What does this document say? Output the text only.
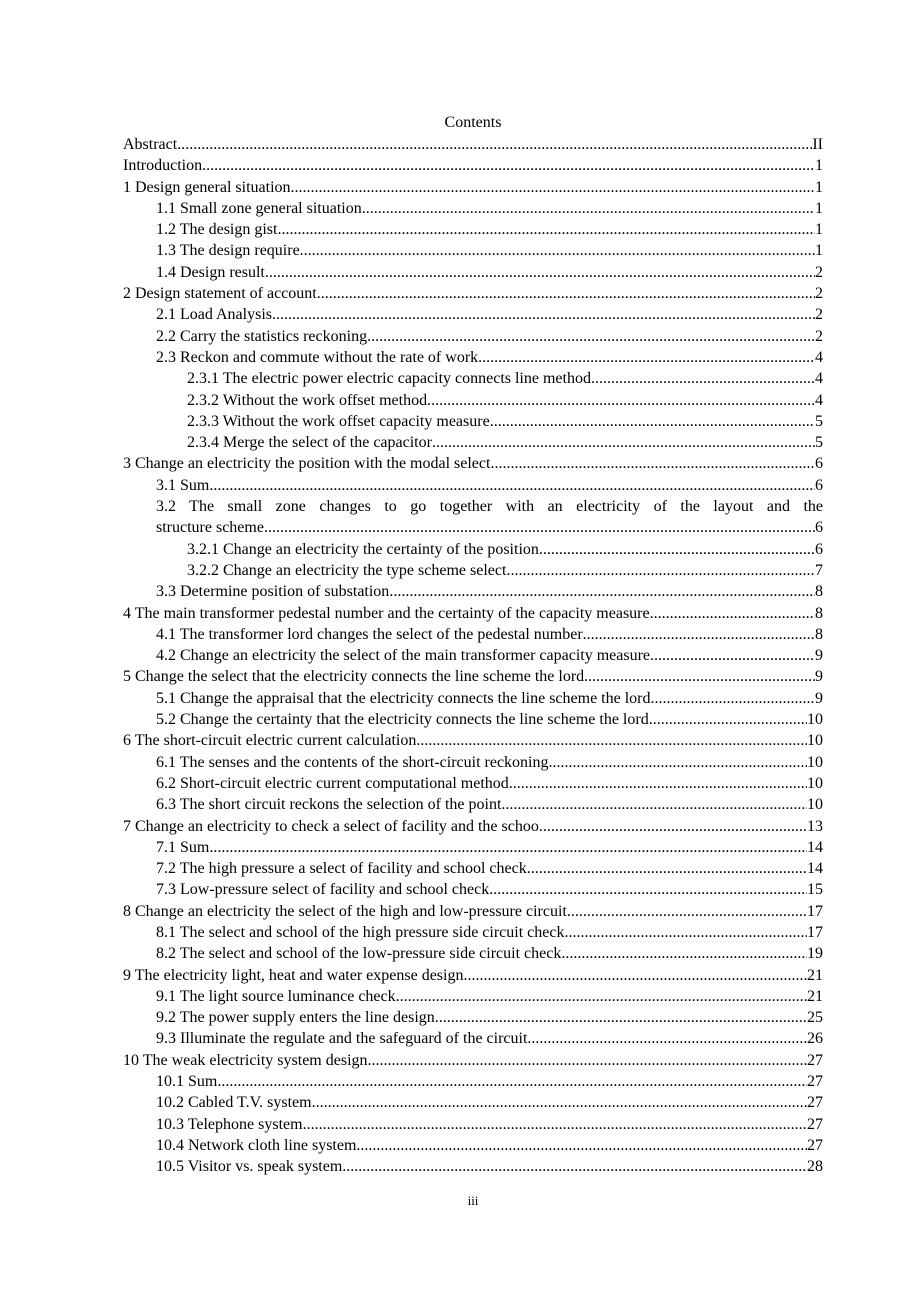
Contents
Abstract .....	II
Introduction .....	1
1 Design general situation .....	1
1.1 Small zone general situation .....	1
1.2 The design gist .....	1
1.3 The design require .....	1
1.4 Design result .....	2
2 Design statement of account .....	2
2.1 Load Analysis .....	2
2.2 Carry the statistics reckoning .....	2
2.3 Reckon and commute without the rate of work .....	4
2.3.1 The electric power electric capacity connects line method .....	4
2.3.2 Without the work offset method .....	4
2.3.3 Without the work offset capacity measure .....	5
2.3.4 Merge the select of the capacitor .....	5
3 Change an electricity the position with the modal select .....	6
3.1 Sum .....	6
3.2 The small zone changes to go together with an electricity of the layout and the
structure scheme .....	6
3.2.1 Change an electricity the certainty of the position .....	6
3.2.2 Change an electricity the type scheme select .....	7
3.3 Determine position of substation .....	8
4 The main transformer pedestal number and the certainty of the capacity measure .....	8
4.1 The transformer lord changes the select of the pedestal number .....	8
4.2 Change an electricity the select of the main transformer capacity measure .....	9
5 Change the select that the electricity connects the line scheme the lord .....	9
5.1 Change the appraisal that the electricity connects the line scheme the lord .....	9
5.2 Change the certainty that the electricity connects the line scheme the lord .....	10
6 The short-circuit electric current calculation .....	10
6.1 The senses and the contents of the short-circuit reckoning .....	10
6.2 Short-circuit electric current computational method .....	10
6.3 The short circuit reckons the selection of the point .....	10
7 Change an electricity to check a select of facility and the schoo .....	13
7.1 Sum .....	14
7.2 The high pressure a select of facility and school check .....	14
7.3 Low-pressure select of facility and school check .....	15
8 Change an electricity the select of the high and low-pressure circuit .....	17
8.1 The select and school of the high pressure side circuit check .....	17
8.2 The select and school of the low-pressure side circuit check .....	19
9 The electricity light, heat and water expense design .....	21
9.1 The light source luminance check .....	21
9.2 The power supply enters the line design .....	25
9.3 Illuminate the regulate and the safeguard of the circuit .....	26
10 The weak electricity system design .....	27
10.1 Sum .....	27
10.2 Cabled T.V. system .....	27
10.3 Telephone system .....	27
10.4 Network cloth line system .....	27
10.5 Visitor vs. speak system .....	28
iii
